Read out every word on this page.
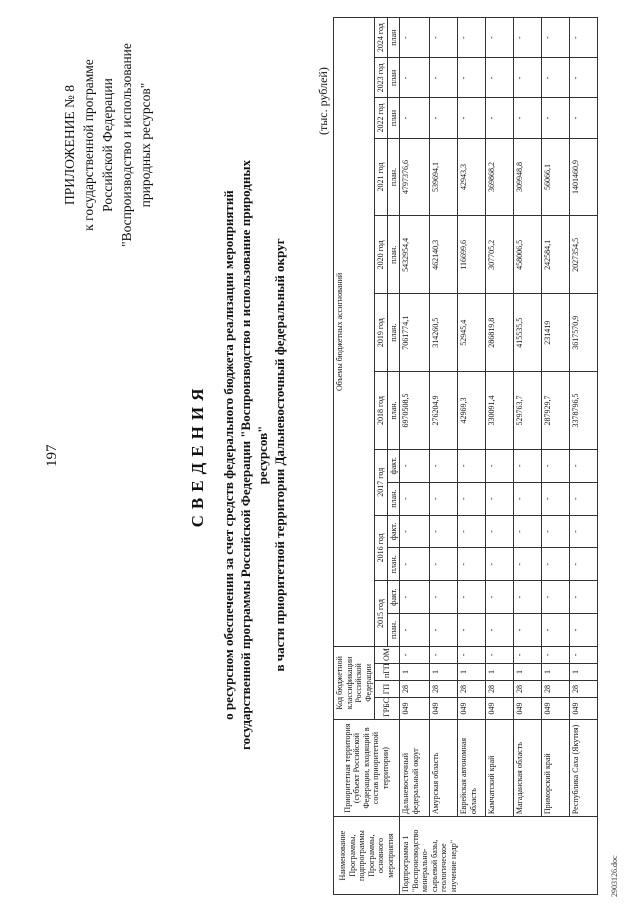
197
ПРИЛОЖЕНИЕ № 8 к государственной программе Российской Федерации "Воспроизводство и использование природных ресурсов"
СВЕДЕНИЯ о ресурсном обеспечении за счет средств федерального бюджета реализации мероприятий государственной программы Российской Федерации "Воспроизводство и использование природных ресурсов" в части приоритетной территории Дальневосточный федеральный округ
(тыс. рублей)
Наименование Программы, подпрограммы Программы, основного мероприятия	Приоритетная территория (субъект Российской Федерации, входящий в состав приоритетной территории)	Код бюджетной классификации Российской Федерации				Объемы бюджетных ассигнований												
		ГРБС	ГП	пГП	ОМ	2015 год		2016 год		2017 год		2018 год	2019 год	2020 год	2021 год	2022 год	2023 год	2024 год
						план.	факт.	план.	факт.	план.	факт.	план.	план.	план.	план.	план	план	план
Подпрограмма 1 "Воспроизводство минерально-сырьевой базы, геологическое изучение недр"	Дальневосточный федеральный округ	049	28	1	-	-	-	-	-	-	-	6970508,5	7061774,1	5432954,4	4797376,6	-	-	-
	Амурская область	049	28	1	-	-	-	-	-	-	-	276204,9	314260,5	462140,3	539694,1	-	-	-
	Еврейская автономная область	049	28	1	-	-	-	-	-	-	-	42969,3	52945,4	116699,6	42943,3	-	-	-
	Камчатский край	049	28	1	-	-	-	-	-	-	-	330091,4	286819,8	307705,2	369868,2	-	-	-
	Магаданская область	049	28	1	-	-	-	-	-	-	-	529763,7	415535,5	458006,5	309948,8	-	-	-
	Приморский край	049	28	1	-	-	-	-	-	-	-	287929,7	231419	242584,1	56066,1	-	-	-
	Республика Саха (Якутия)	049	28	1	-	-	-	-	-	-	-	3378796,5	3617570,9	2027354,5	1401460,9	-	-	-
2903126.doc
